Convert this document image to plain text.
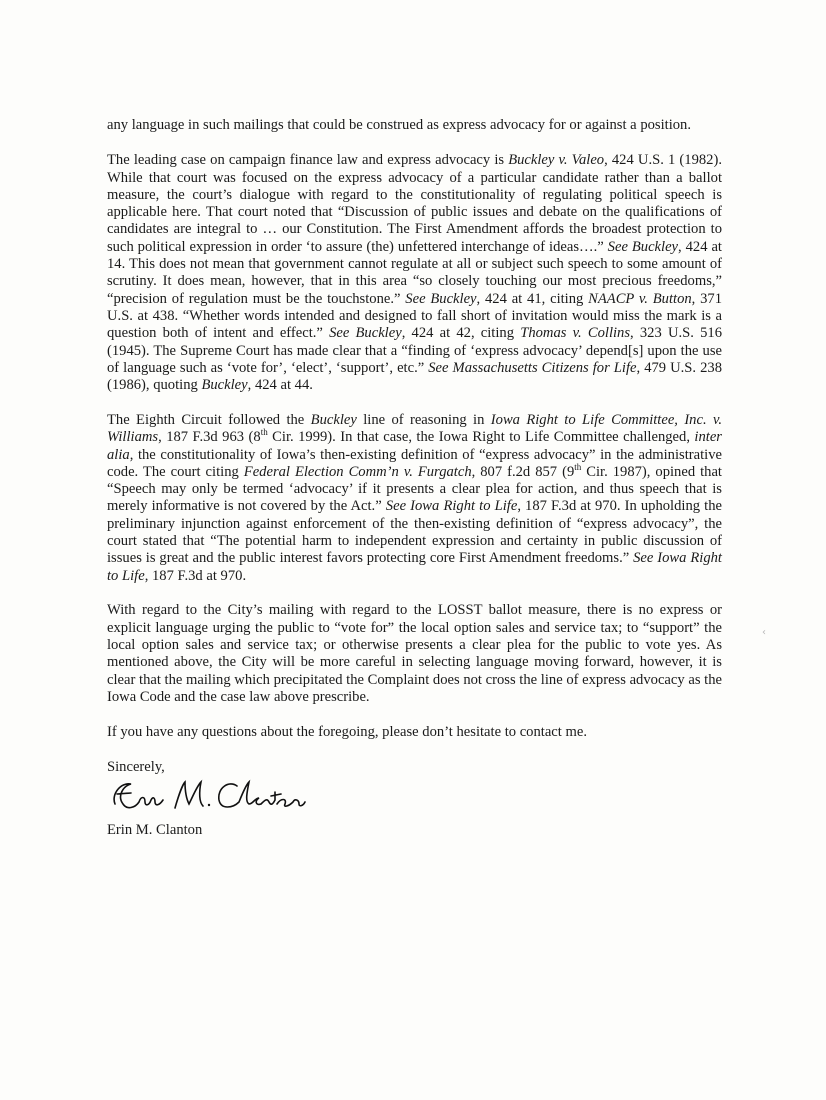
any language in such mailings that could be construed as express advocacy for or against a position.

The leading case on campaign finance law and express advocacy is Buckley v. Valeo, 424 U.S. 1 (1982). While that court was focused on the express advocacy of a particular candidate rather than a ballot measure, the court’s dialogue with regard to the constitutionality of regulating political speech is applicable here. That court noted that “Discussion of public issues and debate on the qualifications of candidates are integral to … our Constitution. The First Amendment affords the broadest protection to such political expression in order ‘to assure (the) unfettered interchange of ideas….” See Buckley, 424 at 14. This does not mean that government cannot regulate at all or subject such speech to some amount of scrutiny. It does mean, however, that in this area “so closely touching our most precious freedoms,” “precision of regulation must be the touchstone.” See Buckley, 424 at 41, citing NAACP v. Button, 371 U.S. at 438. “Whether words intended and designed to fall short of invitation would miss the mark is a question both of intent and effect.” See Buckley, 424 at 42, citing Thomas v. Collins, 323 U.S. 516 (1945). The Supreme Court has made clear that a “finding of ‘express advocacy’ depend[s] upon the use of language such as ‘vote for’, ‘elect’, ‘support’, etc.” See Massachusetts Citizens for Life, 479 U.S. 238 (1986), quoting Buckley, 424 at 44.

The Eighth Circuit followed the Buckley line of reasoning in Iowa Right to Life Committee, Inc. v. Williams, 187 F.3d 963 (8th Cir. 1999). In that case, the Iowa Right to Life Committee challenged, inter alia, the constitutionality of Iowa’s then-existing definition of “express advocacy” in the administrative code. The court citing Federal Election Comm’n v. Furgatch, 807 f.2d 857 (9th Cir. 1987), opined that “Speech may only be termed ‘advocacy’ if it presents a clear plea for action, and thus speech that is merely informative is not covered by the Act.” See Iowa Right to Life, 187 F.3d at 970. In upholding the preliminary injunction against enforcement of the then-existing definition of “express advocacy”, the court stated that “The potential harm to independent expression and certainty in public discussion of issues is great and the public interest favors protecting core First Amendment freedoms.” See Iowa Right to Life, 187 F.3d at 970.

With regard to the City’s mailing with regard to the LOSST ballot measure, there is no express or explicit language urging the public to “vote for” the local option sales and service tax; to “support” the local option sales and service tax; or otherwise presents a clear plea for the public to vote yes. As mentioned above, the City will be more careful in selecting language moving forward, however, it is clear that the mailing which precipitated the Complaint does not cross the line of express advocacy as the Iowa Code and the case law above prescribe.

If you have any questions about the foregoing, please don’t hesitate to contact me.

Sincerely,
Erin M. Clanton
‹
